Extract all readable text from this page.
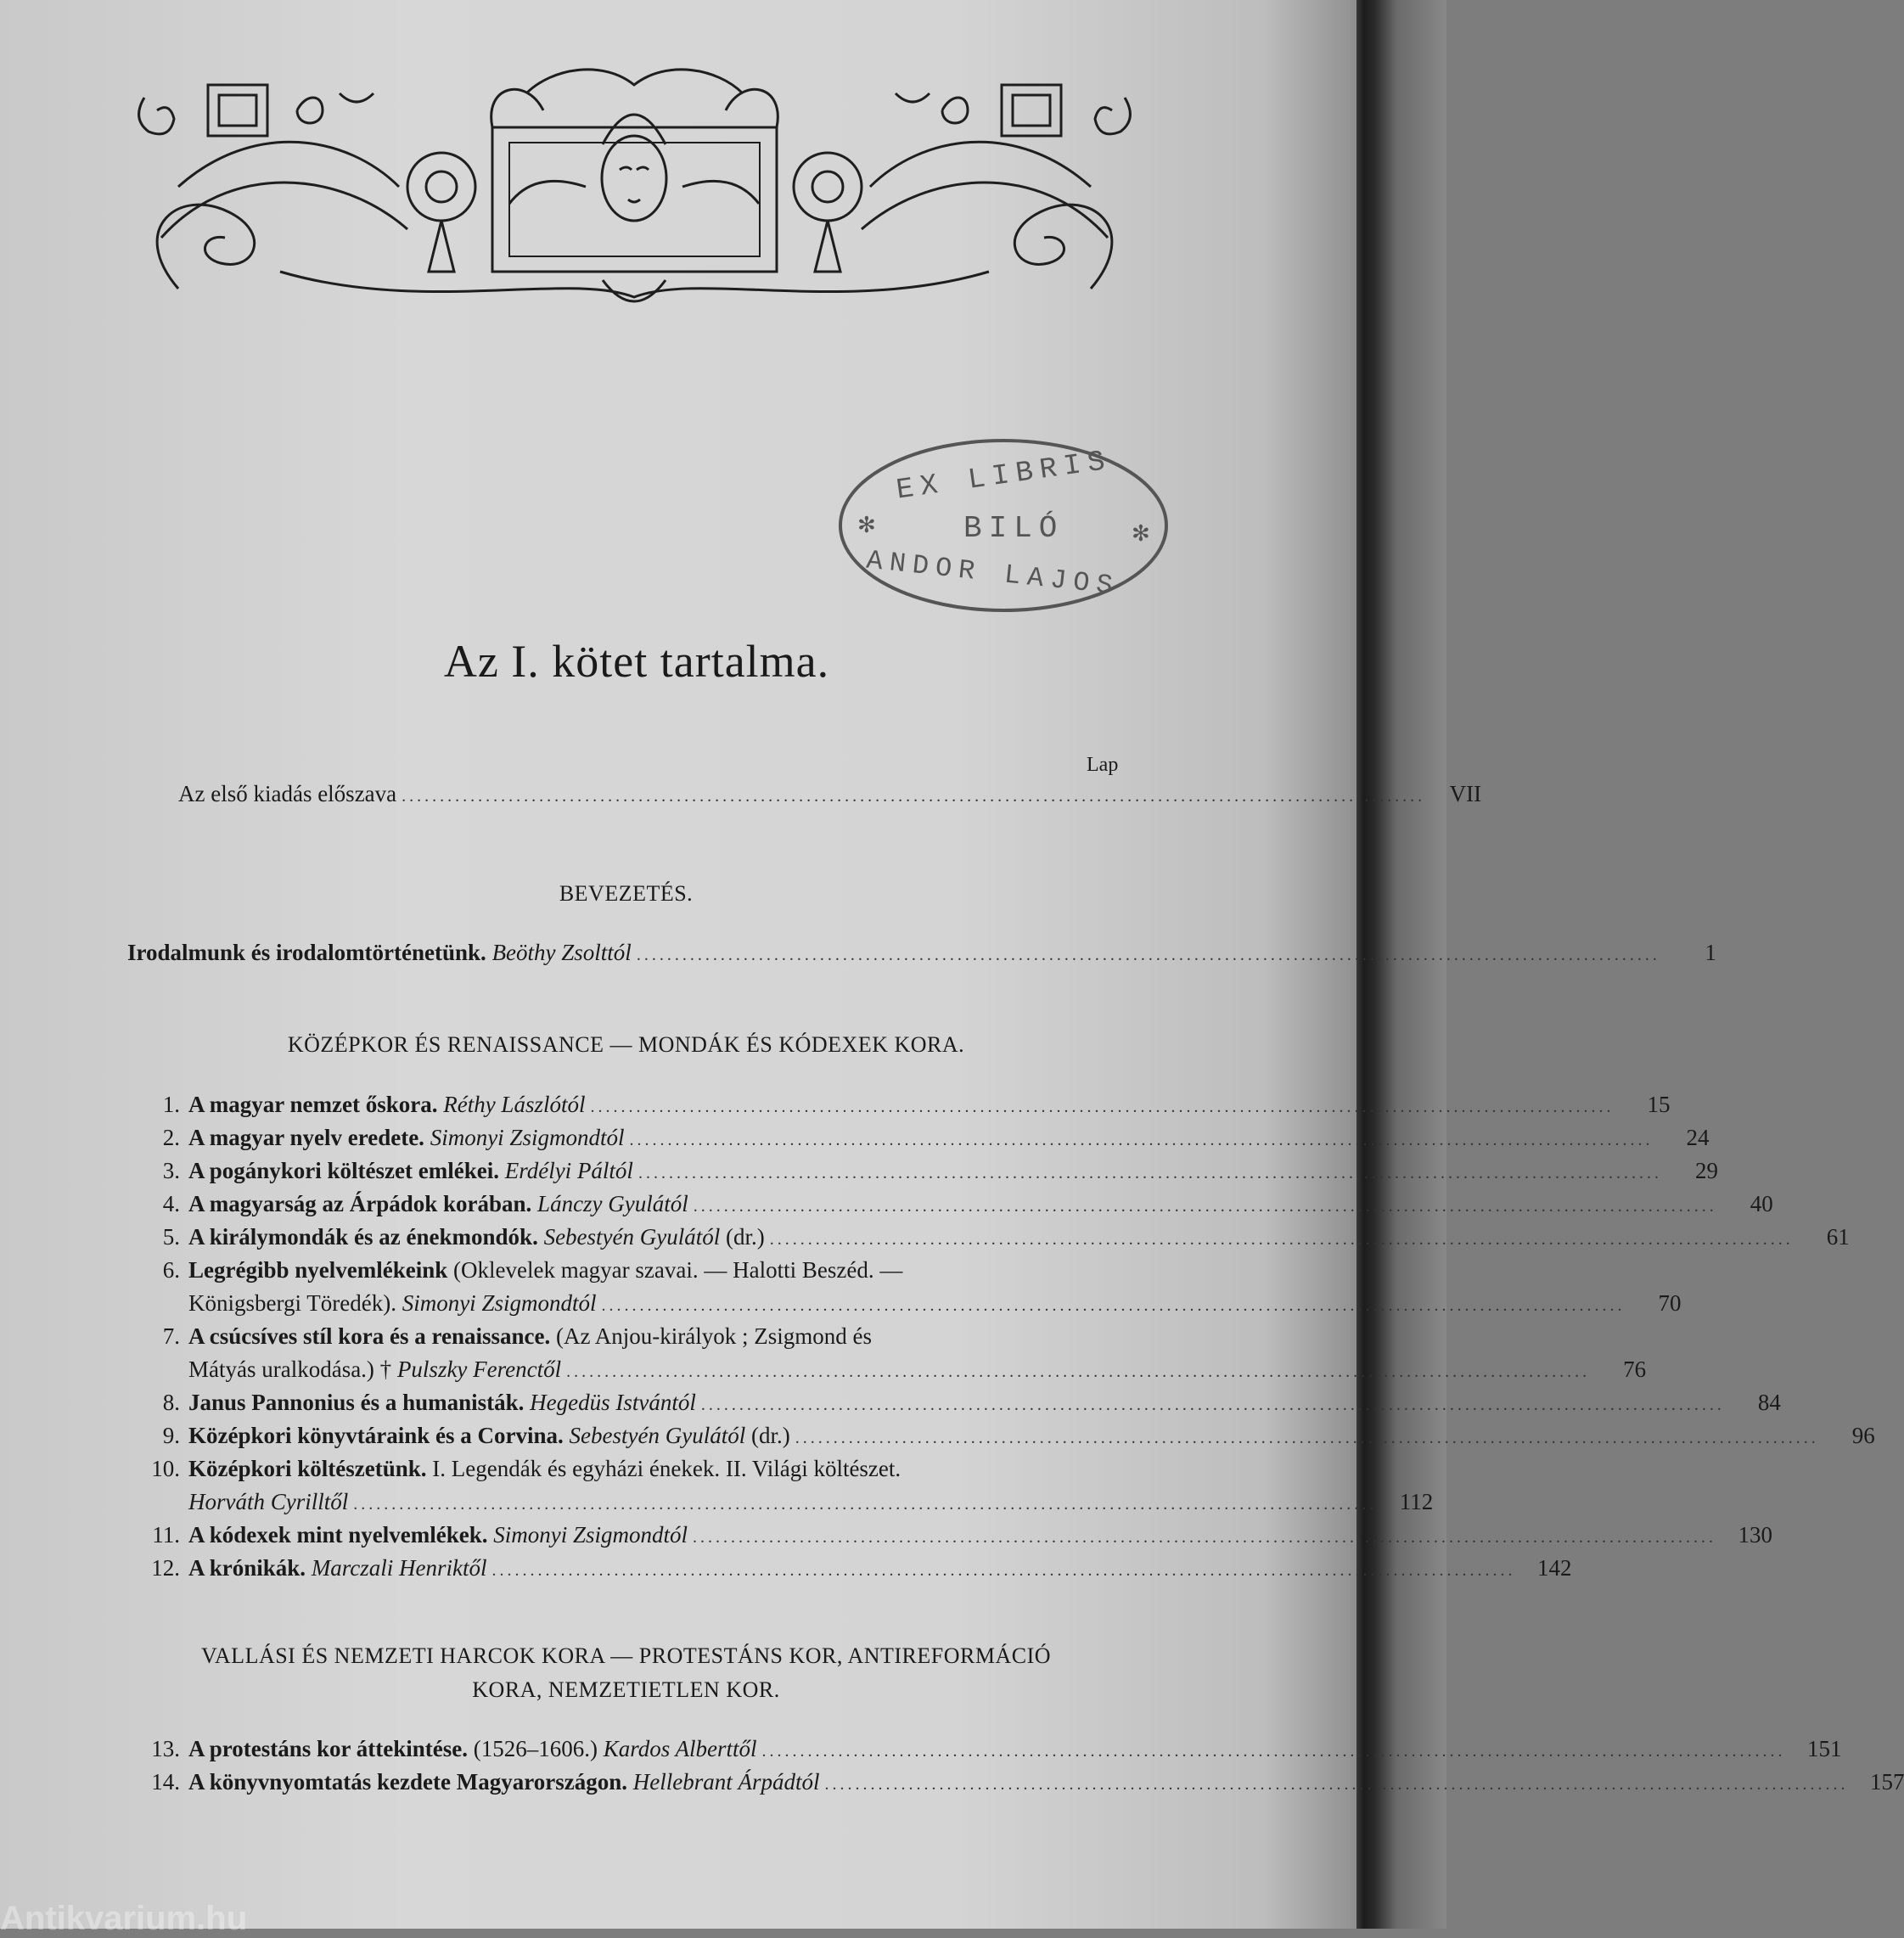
✻	✻
EX LIBRIS
BILÓ
ANDOR LAJOS
Az I. kötet tartalma.
Lap
Az első kiadás előszava ......................................................................................................................................	VII
BEVEZETÉS.
Irodalmunk és irodalomtörténetünk. Beöthy Zsolttól ......................................................................................................................................	1
KÖZÉPKOR ÉS RENAISSANCE — MONDÁK ÉS KÓDEXEK KORA.
1. A magyar nemzet őskora. Réthy Lászlótól ......................................................................................................................................	15
2. A magyar nyelv eredete. Simonyi Zsigmondtól ......................................................................................................................................	24
3. A pogánykori költészet emlékei. Erdélyi Páltól ......................................................................................................................................	29
4. A magyarság az Árpádok korában. Lánczy Gyulától ......................................................................................................................................	40
5. A királymondák és az énekmondók. Sebestyén Gyulától (dr.) ......................................................................................................................................	61
6. Legrégibb nyelvemlékeink (Oklevelek magyar szavai. — Halotti Beszéd. —
Königsbergi Töredék). Simonyi Zsigmondtól ......................................................................................................................................	70
7. A csúcsíves stíl kora és a renaissance. (Az Anjou-királyok ; Zsigmond és
Mátyás uralkodása.) † Pulszky Ferenctől ......................................................................................................................................	76
8. Janus Pannonius és a humanisták. Hegedüs Istvántól ......................................................................................................................................	84
9. Középkori könyvtáraink és a Corvina. Sebestyén Gyulától (dr.) ......................................................................................................................................	96
10. Középkori költészetünk. I. Legendák és egyházi énekek. II. Világi költészet.
Horváth Cyrilltől ...................................................................................................................................... 112
11. A kódexek mint nyelvemlékek. Simonyi Zsigmondtól ...................................................................................................................................... 130
12. A krónikák. Marczali Henriktől ...................................................................................................................................... 142
VALLÁSI ÉS NEMZETI HARCOK KORA — PROTESTÁNS KOR, ANTIREFORMÁCIÓ
KORA, NEMZETIETLEN KOR.
13. A protestáns kor áttekintése. (1526–1606.) Kardos Alberttől ...................................................................................................................................... 151
14. A könyvnyomtatás kezdete Magyarországon. Hellebrant Árpádtól ...................................................................................................................................... 157
Antikvarium.hu
